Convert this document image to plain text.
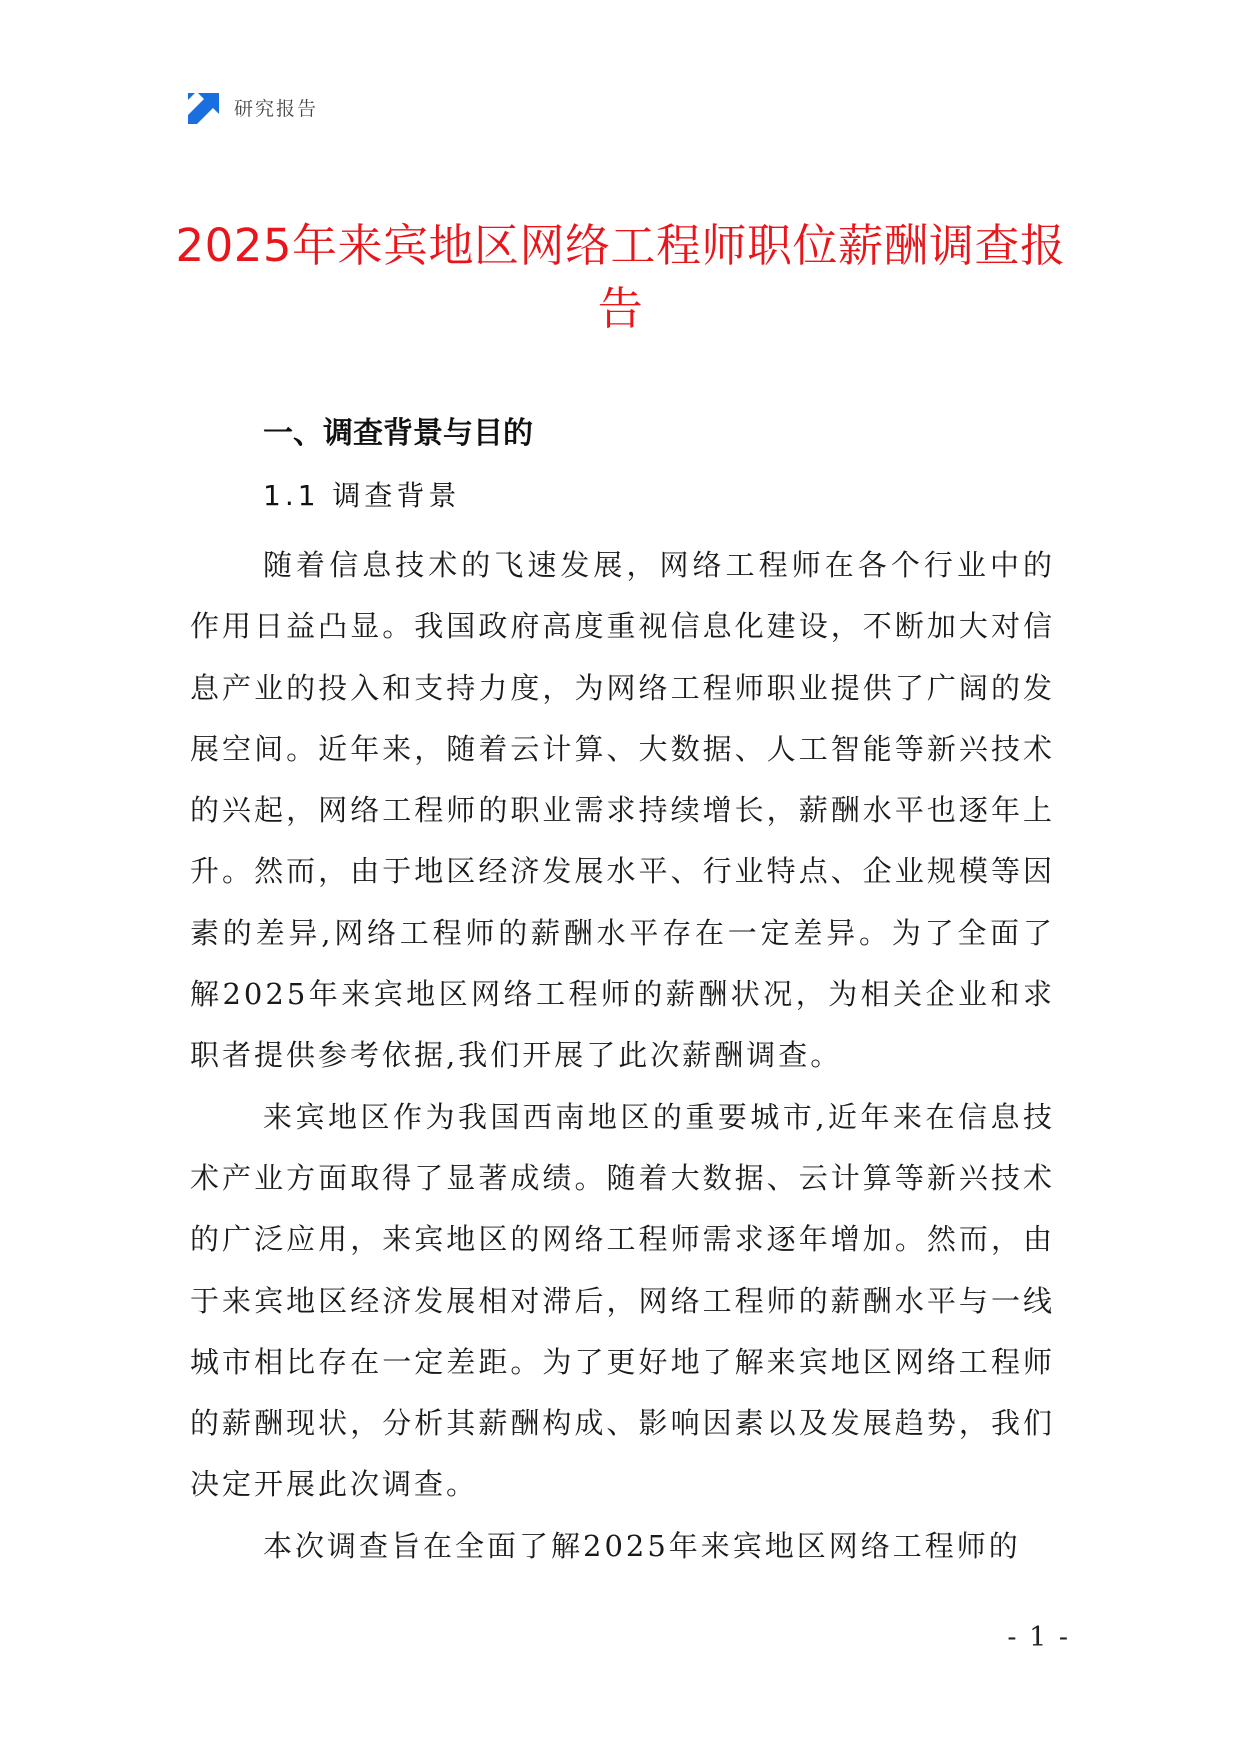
研究报告
2025年来宾地区网络工程师职位薪酬调查报告
一、调查背景与目的
1.1 调查背景

随着信息技术的飞速发展，网络工程师在各个行业中的作用日益凸显。我国政府高度重视信息化建设，不断加大对信息产业的投入和支持力度，为网络工程师职业提供了广阔的发展空间。近年来，随着云计算、大数据、人工智能等新兴技术的兴起，网络工程师的职业需求持续增长，薪酬水平也逐年上升。然而，由于地区经济发展水平、行业特点、企业规模等因素的差异,网络工程师的薪酬水平存在一定差异。为了全面了解2025年来宾地区网络工程师的薪酬状况，为相关企业和求职者提供参考依据,我们开展了此次薪酬调查。

来宾地区作为我国西南地区的重要城市,近年来在信息技术产业方面取得了显著成绩。随着大数据、云计算等新兴技术的广泛应用，来宾地区的网络工程师需求逐年增加。然而，由于来宾地区经济发展相对滞后，网络工程师的薪酬水平与一线城市相比存在一定差距。为了更好地了解来宾地区网络工程师的薪酬现状，分析其薪酬构成、影响因素以及发展趋势，我们决定开展此次调查。

本次调查旨在全面了解2025年来宾地区网络工程师的

- 1 -
